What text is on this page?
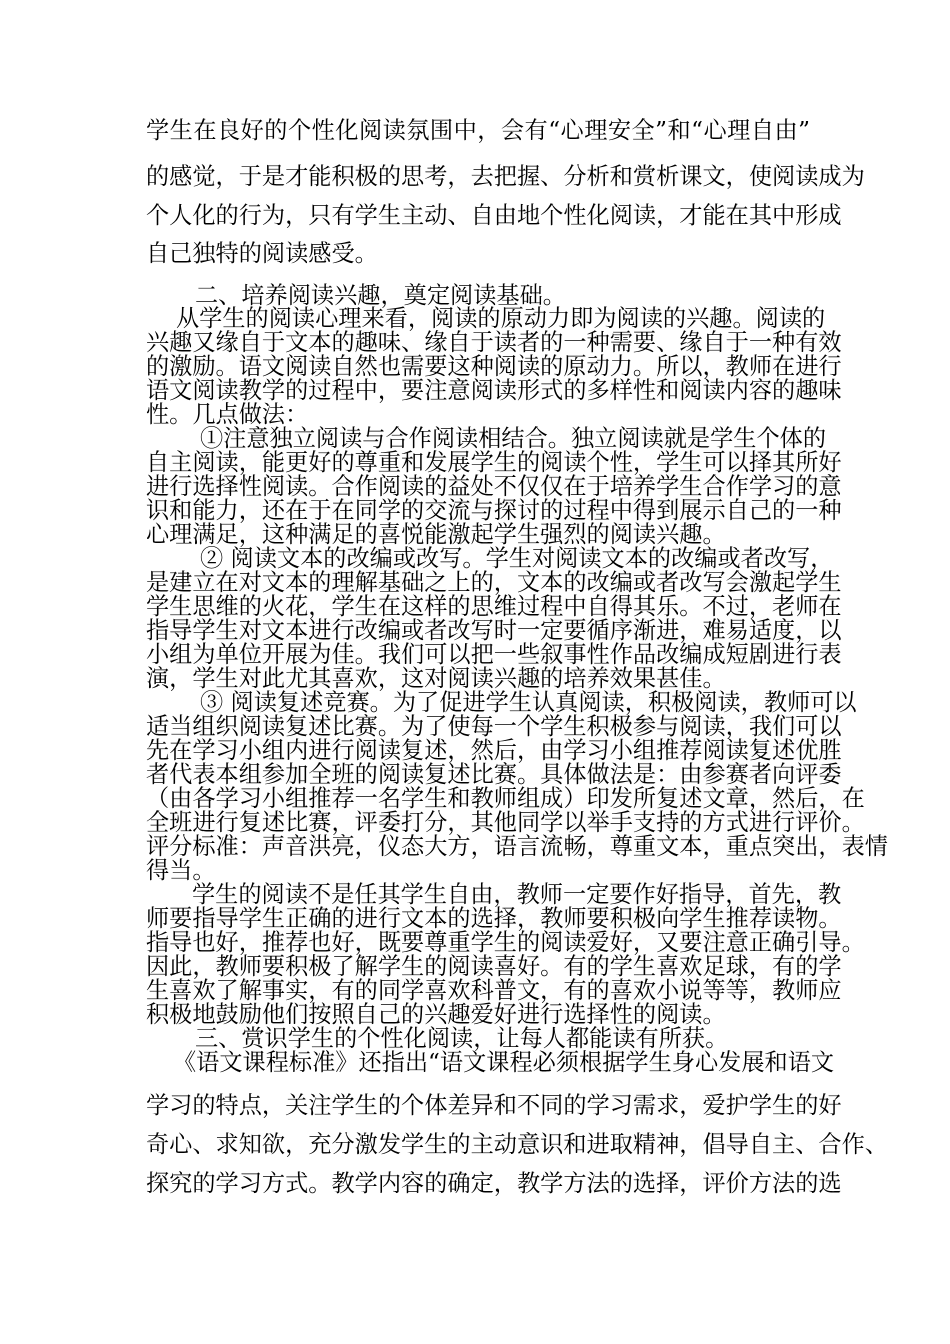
学生在良好的个性化阅读氛围中，会有“心理安全”和“心理自由”

的感觉，于是才能积极的思考，去把握、分析和赏析课文，使阅读成为

个人化的行为，只有学生主动、自由地个性化阅读，才能在其中形成

自己独特的阅读感受。

二、培养阅读兴趣，奠定阅读基础。

从学生的阅读心理来看，阅读的原动力即为阅读的兴趣。阅读的

兴趣又缘自于文本的趣味、缘自于读者的一种需要、缘自于一种有效

的激励。语文阅读自然也需要这种阅读的原动力。所以，教师在进行

语文阅读教学的过程中，要注意阅读形式的多样性和阅读内容的趣味

性。几点做法：

①注意独立阅读与合作阅读相结合。独立阅读就是学生个体的

自主阅读，能更好的尊重和发展学生的阅读个性，学生可以择其所好

进行选择性阅读。合作阅读的益处不仅仅在于培养学生合作学习的意

识和能力，还在于在同学的交流与探讨的过程中得到展示自己的一种

心理满足，这种满足的喜悦能激起学生强烈的阅读兴趣。

② 阅读文本的改编或改写。学生对阅读文本的改编或者改写，

是建立在对文本的理解基础之上的，文本的改编或者改写会激起学生

学生思维的火花，学生在这样的思维过程中自得其乐。不过，老师在

指导学生对文本进行改编或者改写时一定要循序渐进，难易适度，以

小组为单位开展为佳。我们可以把一些叙事性作品改编成短剧进行表

演，学生对此尤其喜欢，这对阅读兴趣的培养效果甚佳。

③ 阅读复述竞赛。为了促进学生认真阅读，积极阅读，教师可以

适当组织阅读复述比赛。为了使每一个学生积极参与阅读，我们可以

先在学习小组内进行阅读复述，然后，由学习小组推荐阅读复述优胜

者代表本组参加全班的阅读复述比赛。具体做法是：由参赛者向评委

（由各学习小组推荐一名学生和教师组成）印发所复述文章，然后，在

全班进行复述比赛，评委打分，其他同学以举手支持的方式进行评价。

评分标准：声音洪亮，仪态大方，语言流畅，尊重文本，重点突出，表情

得当。

学生的阅读不是任其学生自由，教师一定要作好指导，首先，教

师要指导学生正确的进行文本的选择，教师要积极向学生推荐读物。

指导也好，推荐也好，既要尊重学生的阅读爱好，又要注意正确引导。

因此，教师要积极了解学生的阅读喜好。有的学生喜欢足球，有的学

生喜欢了解事实，有的同学喜欢科普文，有的喜欢小说等等，教师应

积极地鼓励他们按照自己的兴趣爱好进行选择性的阅读。

三、赏识学生的个性化阅读，让每人都能读有所获。

《语文课程标准》还指出“语文课程必须根据学生身心发展和语文

学习的特点，关注学生的个体差异和不同的学习需求，爱护学生的好

奇心、求知欲，充分激发学生的主动意识和进取精神，倡导自主、合作、

探究的学习方式。教学内容的确定，教学方法的选择，评价方法的选
